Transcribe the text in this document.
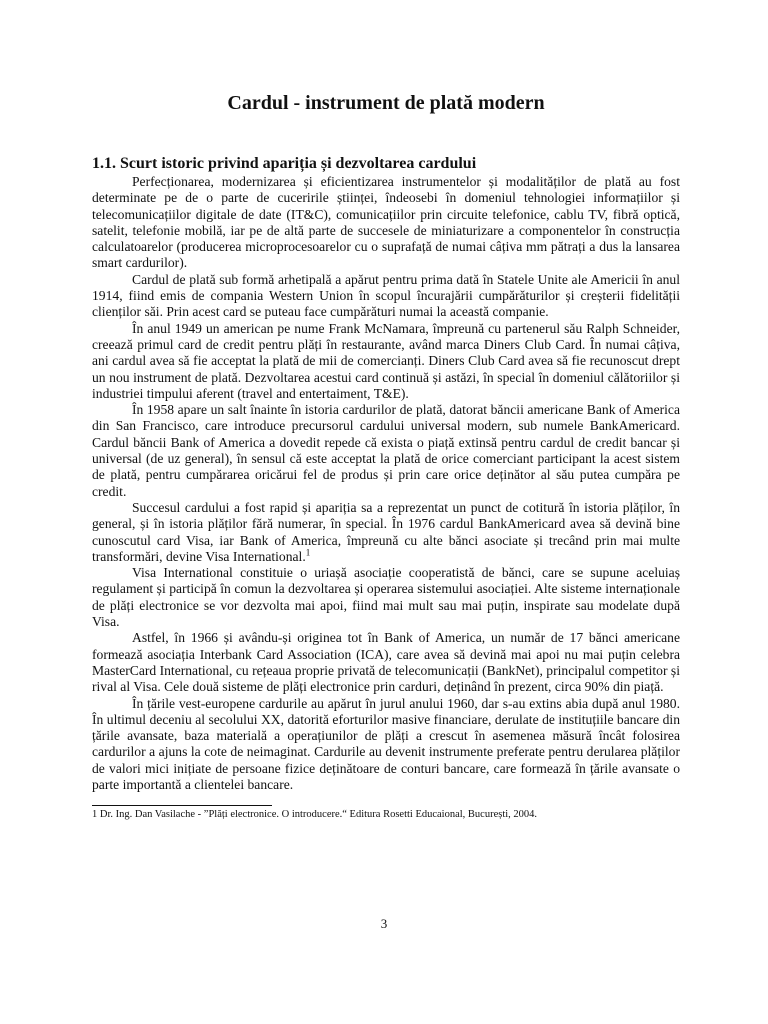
Cardul - instrument de plată modern
1.1. Scurt istoric privind apariția și dezvoltarea cardului

Perfecționarea, modernizarea și eficientizarea instrumentelor și modalităților de plată au fost determinate pe de o parte de cuceririle științei, îndeosebi în domeniul tehnologiei informațiilor și telecomunicațiilor digitale de date (IT&C), comunicațiilor prin circuite telefonice, cablu TV, fibră optică, satelit, telefonie mobilă, iar pe de altă parte de succesele de miniaturizare a componentelor în construcția calculatoarelor (producerea microprocesoarelor cu o suprafață de numai câțiva mm pătrați a dus la lansarea smart cardurilor).

Cardul de plată sub formă arhetipală a apărut pentru prima dată în Statele Unite ale Americii în anul 1914, fiind emis de compania Western Union în scopul încurajării cumpărăturilor și creșterii fidelității clienților săi. Prin acest card se puteau face cumpărături numai la această companie.

În anul 1949 un american pe nume Frank McNamara, împreună cu partenerul său Ralph Schneider, creează primul card de credit pentru plăți în restaurante, având marca Diners Club Card. În numai câțiva, ani cardul avea să fie acceptat la plată de mii de comercianți. Diners Club Card avea să fie recunoscut drept un nou instrument de plată. Dezvoltarea acestui card continuă și astăzi, în special în domeniul călătoriilor și industriei timpului aferent (travel and entertaiment, T&E).

În 1958 apare un salt înainte în istoria cardurilor de plată, datorat băncii americane Bank of America din San Francisco, care introduce precursorul cardului universal modern, sub numele BankAmericard. Cardul băncii Bank of America a dovedit repede că exista o piață extinsă pentru cardul de credit bancar și universal (de uz general), în sensul că este acceptat la plată de orice comerciant participant la acest sistem de plată, pentru cumpărarea oricărui fel de produs și prin care orice deținător al său putea cumpăra pe credit.

Succesul cardului a fost rapid și apariția sa a reprezentat un punct de cotitură în istoria plăților, în general, și în istoria plăților fără numerar, în special. În 1976 cardul BankAmericard avea să devină bine cunoscutul card Visa, iar Bank of America, împreună cu alte bănci asociate și trecând prin mai multe transformări, devine Visa International.$^1$

Visa International constituie o uriașă asociație cooperatistă de bănci, care se supune aceluiaș regulament și participă în comun la dezvoltarea și operarea sistemului asociației. Alte sisteme internaționale de plăți electronice se vor dezvolta mai apoi, fiind mai mult sau mai puțin, inspirate sau modelate după Visa.

Astfel, în 1966 și avându-și originea tot în Bank of America, un număr de 17 bănci americane formează asociația Interbank Card Association (ICA), care avea să devină mai apoi nu mai puțin celebra MasterCard International, cu rețeaua proprie privată de telecomunicații (BankNet), principalul competitor și rival al Visa. Cele două sisteme de plăți electronice prin carduri, deținând în prezent, circa 90% din piață.

În țările vest-europene cardurile au apărut în jurul anului 1960, dar s-au extins abia după anul 1980. În ultimul deceniu al secolului XX, datorită eforturilor masive financiare, derulate de instituțiile bancare din țările avansate, baza materială a operațiunilor de plăți a crescut în asemenea măsură încât folosirea cardurilor a ajuns la cote de neimaginat. Cardurile au devenit instrumente preferate pentru derularea plăților de valori mici inițiate de persoane fizice deținătoare de conturi bancare, care formează în țările avansate o parte importantă a clientelei bancare.

1 Dr. Ing. Dan Vasilache - ”Plăți electronice. O introducere.“ Editura Rosetti Educaional, București, 2004.

3
